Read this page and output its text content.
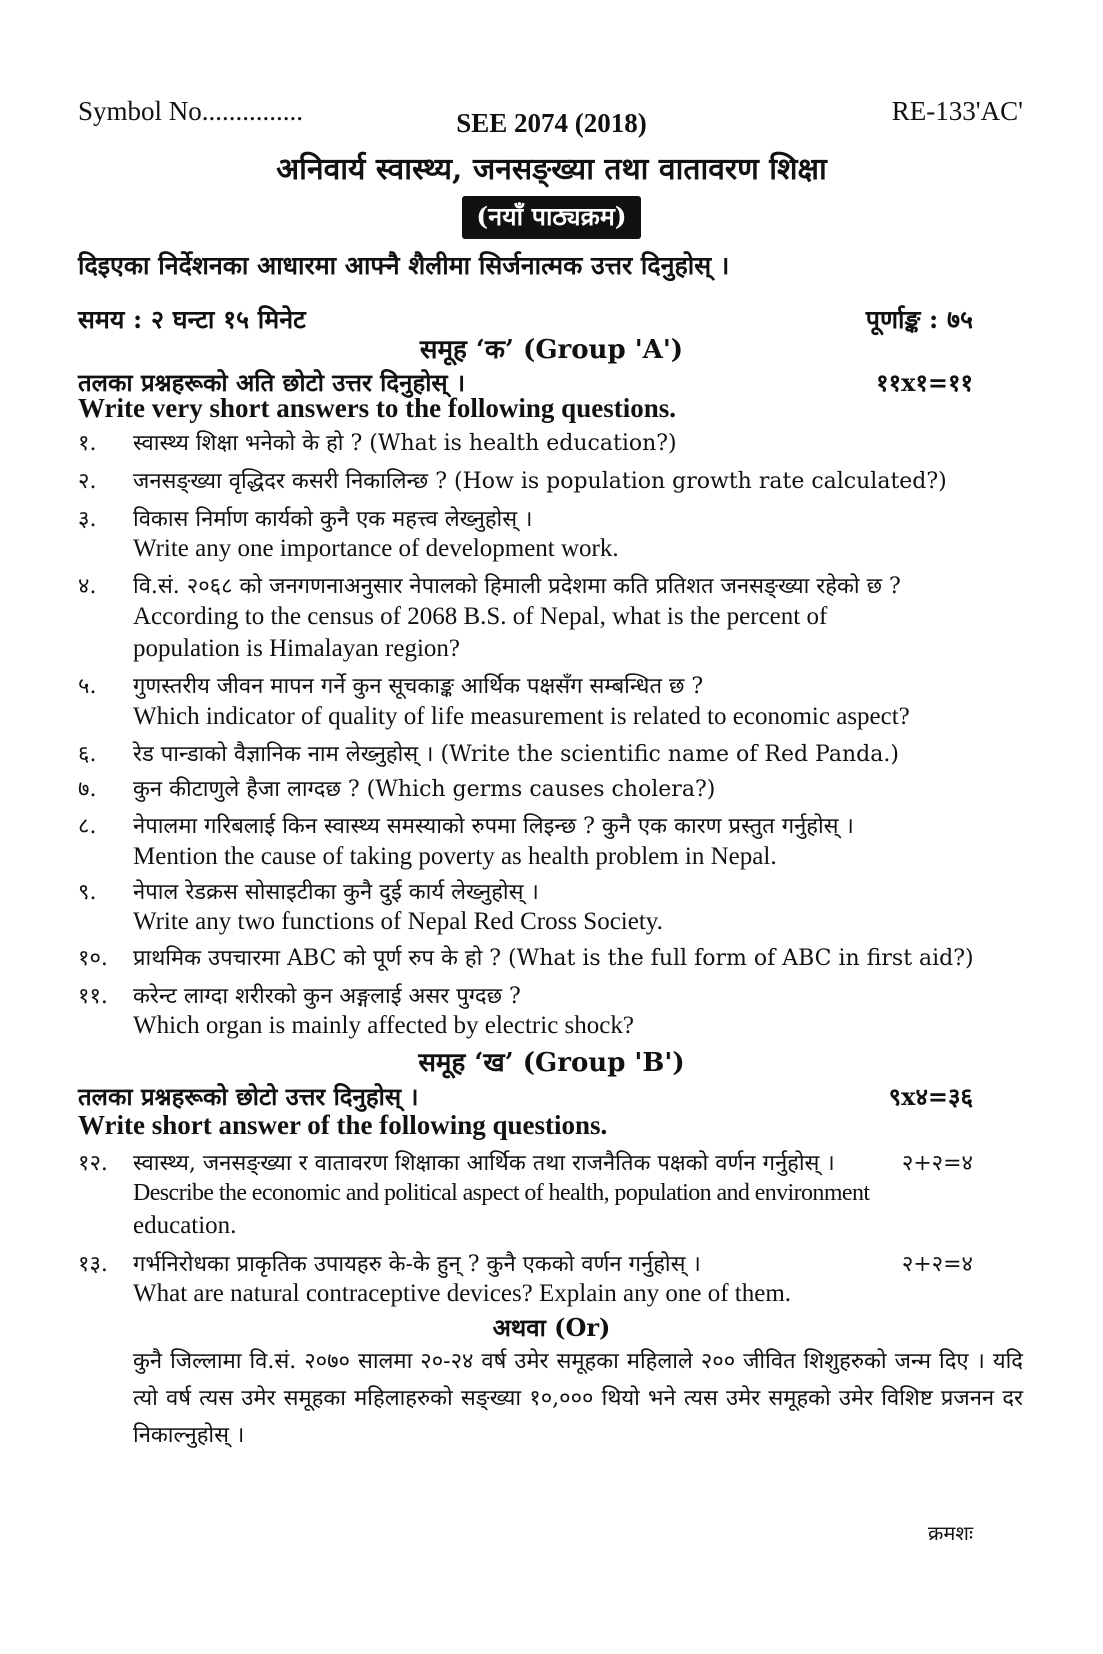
Symbol No...............	SEE 2074 (2018)	RE-133'AC'
अनिवार्य स्वास्थ्य, जनसङ्ख्या तथा वातावरण शिक्षा
(नयाँ पाठ्यक्रम)
दिइएका निर्देशनका आधारमा आफ्नै शैलीमा सिर्जनात्मक उत्तर दिनुहोस् ।
समय : २ घन्टा १५ मिनेट	पूर्णाङ्क : ७५
समूह ‘क’ (Group 'A')
तलका प्रश्नहरूको अति छोटो उत्तर दिनुहोस् ।	११x१=११
Write very short answers to the following questions.
१. स्वास्थ्य शिक्षा भनेको के हो ? (What is health education?)
२. जनसङ्ख्या वृद्धिदर कसरी निकालिन्छ ? (How is population growth rate calculated?)
३. विकास निर्माण कार्यको कुनै एक महत्त्व लेख्नुहोस् ।
Write any one importance of development work.
४. वि.सं. २०६८ को जनगणनाअनुसार नेपालको हिमाली प्रदेशमा कति प्रतिशत जनसङ्ख्या रहेको छ ?
According to the census of 2068 B.S. of Nepal, what is the percent of
population is Himalayan region?
५. गुणस्तरीय जीवन मापन गर्ने कुन सूचकाङ्क आर्थिक पक्षसँग सम्बन्धित छ ?
Which indicator of quality of life measurement is related to economic aspect?
६. रेड पान्डाको वैज्ञानिक नाम लेख्नुहोस् । (Write the scientific name of Red Panda.)
७. कुन कीटाणुले हैजा लाग्दछ ? (Which germs causes cholera?)
८. नेपालमा गरिबलाई किन स्वास्थ्य समस्याको रुपमा लिइन्छ ? कुनै एक कारण प्रस्तुत गर्नुहोस् ।
Mention the cause of taking poverty as health problem in Nepal.
९. नेपाल रेडक्रस सोसाइटीका कुनै दुई कार्य लेख्नुहोस् ।
Write any two functions of Nepal Red Cross Society.
१०. प्राथमिक उपचारमा ABC को पूर्ण रुप के हो ? (What is the full form of ABC in first aid?)
११. करेन्ट लाग्दा शरीरको कुन अङ्गलाई असर पुग्दछ ?
Which organ is mainly affected by electric shock?
समूह ‘ख’ (Group 'B')
तलका प्रश्नहरूको छोटो उत्तर दिनुहोस् ।	९x४=३६
Write short answer of the following questions.
१२. स्वास्थ्य, जनसङ्ख्या र वातावरण शिक्षाका आर्थिक तथा राजनैतिक पक्षको वर्णन गर्नुहोस् ।	२+२=४
Describe the economic and political aspect of health, population and environment
education.
१३. गर्भनिरोधका प्राकृतिक उपायहरु के-के हुन् ? कुनै एकको वर्णन गर्नुहोस् ।	२+२=४
What are natural contraceptive devices? Explain any one of them.
अथवा (Or)
कुनै जिल्लामा वि.सं. २०७० सालमा २०-२४ वर्ष उमेर समूहका महिलाले २०० जीवित शिशुहरुको जन्म दिए । यदि त्यो वर्ष त्यस उमेर समूहका महिलाहरुको सङ्ख्या १०,००० थियो भने त्यस उमेर समूहको उमेर विशिष्ट प्रजनन दर निकाल्नुहोस् ।
क्रमशः
